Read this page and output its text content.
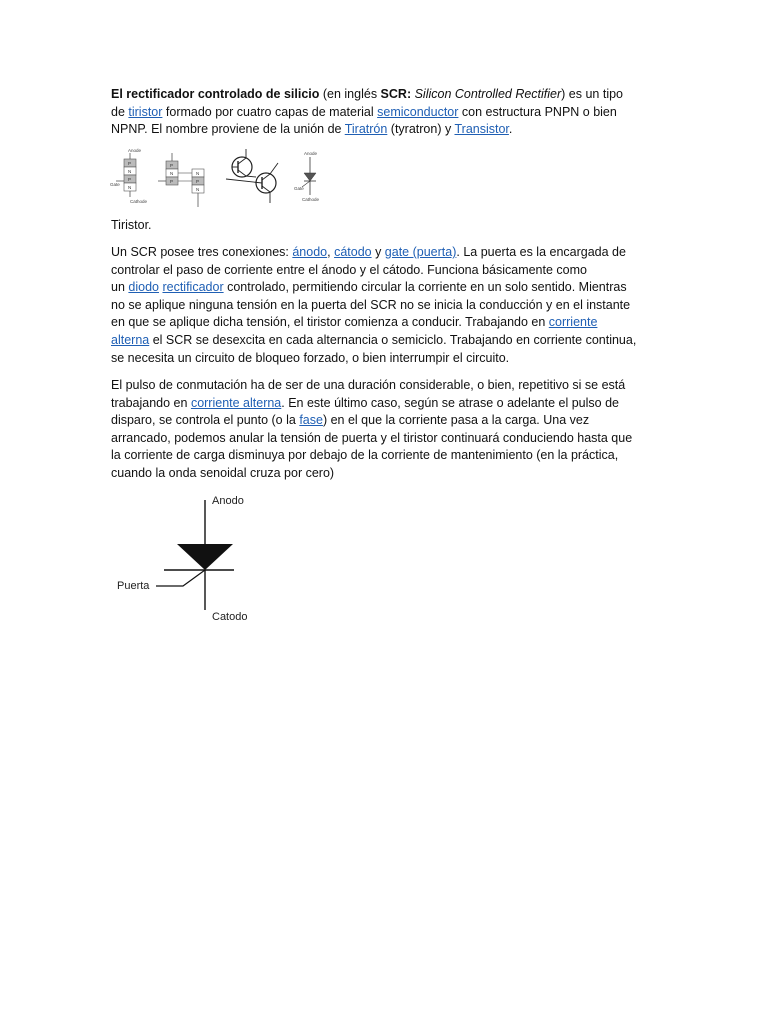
El rectificador controlado de silicio (en inglés SCR: Silicon Controlled Rectifier) es un tipo
de tiristor formado por cuatro capas de material semiconductor con estructura PNPN o bien
NPNP. El nombre proviene de la unión de Tiratrón (tyratron) y Transistor.

Anode
P
N
P
N
Cathode
Gate
P
N
P
N
P
N
Anode
Gate
Cathode

Tiristor.

Un SCR posee tres conexiones: ánodo, cátodo y gate (puerta). La puerta es la encargada de
controlar el paso de corriente entre el ánodo y el cátodo. Funciona básicamente como
un diodo rectificador controlado, permitiendo circular la corriente en un solo sentido. Mientras
no se aplique ninguna tensión en la puerta del SCR no se inicia la conducción y en el instante
en que se aplique dicha tensión, el tiristor comienza a conducir. Trabajando en corriente
alterna el SCR se desexcita en cada alternancia o semiciclo. Trabajando en corriente continua,
se necesita un circuito de bloqueo forzado, o bien interrumpir el circuito.

El pulso de conmutación ha de ser de una duración considerable, o bien, repetitivo si se está
trabajando en corriente alterna. En este último caso, según se atrase o adelante el pulso de
disparo, se controla el punto (o la fase) en el que la corriente pasa a la carga. Una vez
arrancado, podemos anular la tensión de puerta y el tiristor continuará conduciendo hasta que
la corriente de carga disminuya por debajo de la corriente de mantenimiento (en la práctica,
cuando la onda senoidal cruza por cero)

Anodo
Puerta
Catodo
